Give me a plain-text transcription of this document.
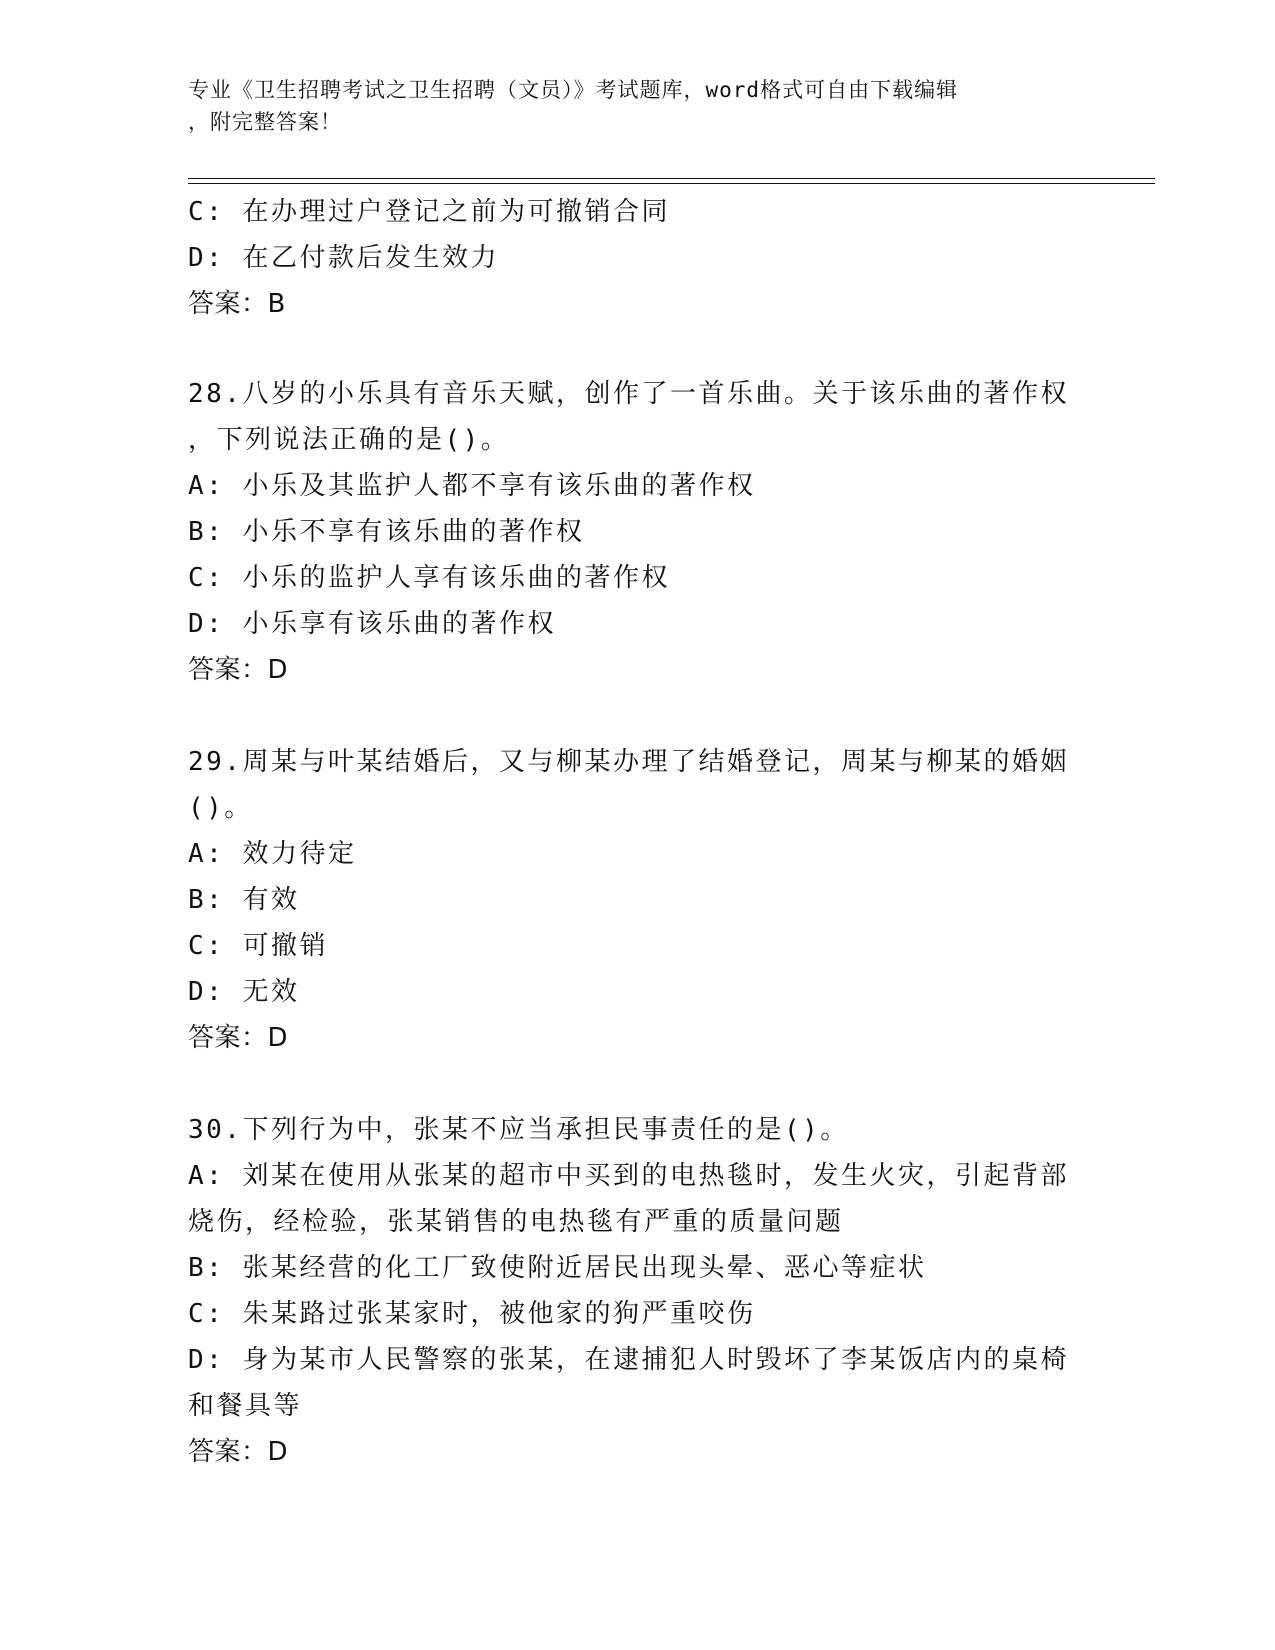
专业《卫生招聘考试之卫生招聘（文员）》考试题库，word格式可自由下载编辑
，附完整答案！
C: 在办理过户登记之前为可撤销合同
D: 在乙付款后发生效力
答案：B
28.八岁的小乐具有音乐天赋，创作了一首乐曲。关于该乐曲的著作权
，下列说法正确的是()。
A: 小乐及其监护人都不享有该乐曲的著作权
B: 小乐不享有该乐曲的著作权
C: 小乐的监护人享有该乐曲的著作权
D: 小乐享有该乐曲的著作权
答案：D
29.周某与叶某结婚后，又与柳某办理了结婚登记，周某与柳某的婚姻
()。
A: 效力待定
B: 有效
C: 可撤销
D: 无效
答案：D
30.下列行为中，张某不应当承担民事责任的是()。
A: 刘某在使用从张某的超市中买到的电热毯时，发生火灾，引起背部
烧伤，经检验，张某销售的电热毯有严重的质量问题
B: 张某经营的化工厂致使附近居民出现头晕、恶心等症状
C: 朱某路过张某家时，被他家的狗严重咬伤
D: 身为某市人民警察的张某，在逮捕犯人时毁坏了李某饭店内的桌椅
和餐具等
答案：D
